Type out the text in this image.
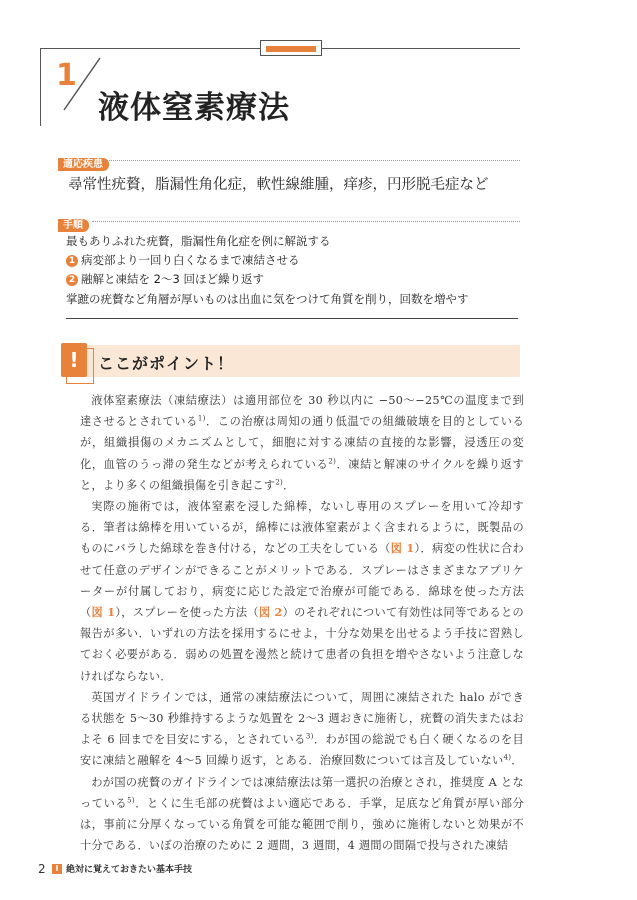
1
液体窒素療法
適応疾患
尋常性疣贅，脂漏性角化症，軟性線維腫，痒疹，円形脱毛症など
手順
最もありふれた疣贅，脂漏性角化症を例に解説する
1 病変部より一回り白くなるまで凍結させる
2 融解と凍結を 2〜3 回ほど繰り返す
掌蹠の疣贅など角層が厚いものは出血に気をつけて角質を削り，回数を増やす
!	ここがポイント！

液体窒素療法（凍結療法）は適用部位を 30 秒以内に −50〜−25℃の温度まで到達させるとされている$^{1)}$．この治療は周知の通り低温での組織破壊を目的としているが，組織損傷のメカニズムとして，細胞に対する凍結の直接的な影響，浸透圧の変化，血管のうっ滞の発生などが考えられている$^{2)}$．凍結と解凍のサイクルを繰り返すと，より多くの組織損傷を引き起こす$^{2)}$．

実際の施術では，液体窒素を浸した綿棒，ないし専用のスプレーを用いて冷却する．筆者は綿棒を用いているが，綿棒には液体窒素がよく含まれるように，既製品のものにバラした綿球を巻き付ける，などの工夫をしている（図 1）．病変の性状に合わせて任意のデザインができることがメリットである．スプレーはさまざまなアプリケーターが付属しており，病変に応じた設定で治療が可能である．綿球を使った方法（図 1），スプレーを使った方法（図 2）のそれぞれについて有効性は同等であるとの報告が多い．いずれの方法を採用するにせよ，十分な効果を出せるよう手技に習熟しておく必要がある．弱めの処置を漫然と続けて患者の負担を増やさないよう注意しなければならない．

英国ガイドラインでは，通常の凍結療法について，周囲に凍結された halo ができる状態を 5〜30 秒維持するような処置を 2〜3 週おきに施術し，疣贅の消失またはおよそ 6 回までを目安にする，とされている$^{3)}$．わが国の総説でも白く硬くなるのを目安に凍結と融解を 4〜5 回繰り返す，とある．治療回数については言及していない$^{4)}$．

わが国の疣贅のガイドラインでは凍結療法は第一選択の治療とされ，推奨度 A となっている$^{5)}$．とくに生毛部の疣贅はよい適応である．手掌，足底など角質が厚い部分は，事前に分厚くなっている角質を可能な範囲で削り，強めに施術しないと効果が不十分である．いぼの治療のために 2 週間，3 週間，4 週間の間隔で投与された凍結

2	I 絶対に覚えておきたい基本手技
